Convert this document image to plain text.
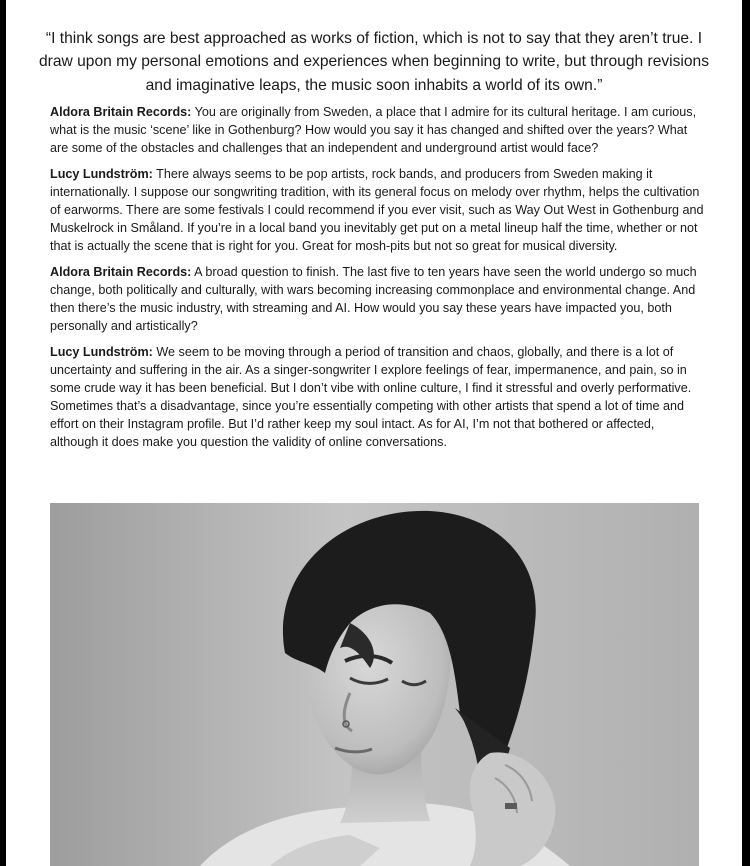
“I think songs are best approached as works of fiction, which is not to say that they aren’t true. I draw upon my personal emotions and experiences when beginning to write, but through revisions and imaginative leaps, the music soon inhabits a world of its own.”

Aldora Britain Records: You are originally from Sweden, a place that I admire for its cultural heritage. I am curious, what is the music ‘scene’ like in Gothenburg? How would you say it has changed and shifted over the years? What are some of the obstacles and challenges that an independent and underground artist would face?

Lucy Lundström: There always seems to be pop artists, rock bands, and producers from Sweden making it internationally. I suppose our songwriting tradition, with its general focus on melody over rhythm, helps the cultivation of earworms. There are some festivals I could recommend if you ever visit, such as Way Out West in Gothenburg and Muskelrock in Småland. If you’re in a local band you inevitably get put on a metal lineup half the time, whether or not that is actually the scene that is right for you. Great for mosh-pits but not so great for musical diversity.

Aldora Britain Records: A broad question to finish. The last five to ten years have seen the world undergo so much change, both politically and culturally, with wars becoming increasing commonplace and environmental change. And then there’s the music industry, with streaming and AI. How would you say these years have impacted you, both personally and artistically?

Lucy Lundström: We seem to be moving through a period of transition and chaos, globally, and there is a lot of uncertainty and suffering in the air. As a singer-songwriter I explore feelings of fear, impermanence, and pain, so in some crude way it has been beneficial. But I don’t vibe with online culture, I find it stressful and overly performative. Sometimes that’s a disadvantage, since you’re essentially competing with other artists that spend a lot of time and effort on their Instagram profile. But I’d rather keep my soul intact. As for AI, I’m not that bothered or affected, although it does make you question the validity of online conversations.
